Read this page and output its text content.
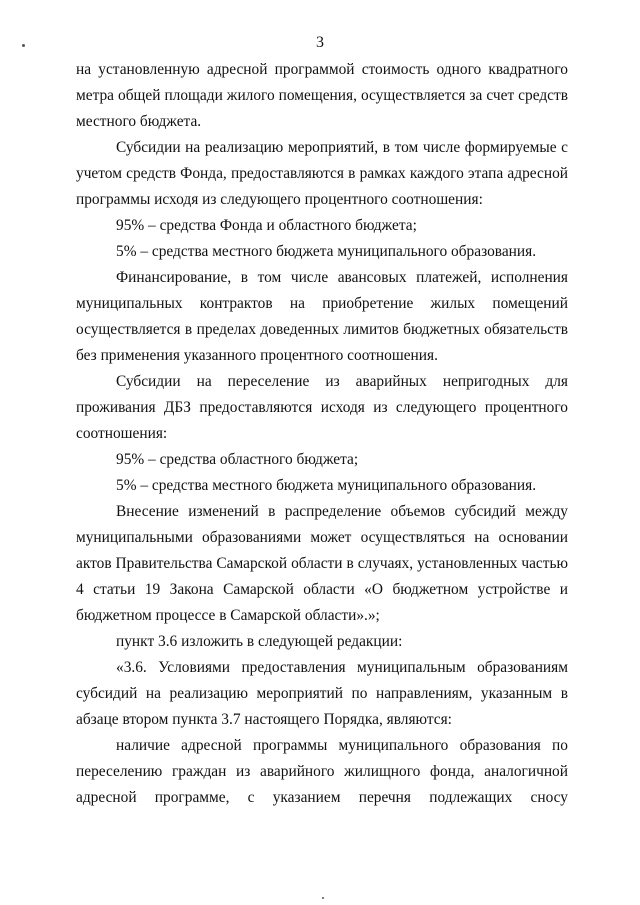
3

на установленную адресной программой стоимость одного квадратного метра общей площади жилого помещения, осуществляется за счет средств местного бюджета.

Субсидии на реализацию мероприятий, в том числе формируемые с учетом средств Фонда, предоставляются в рамках каждого этапа адресной программы исходя из следующего процентного соотношения:

95% – средства Фонда и областного бюджета;

5% – средства местного бюджета муниципального образования.

Финансирование, в том числе авансовых платежей, исполнения муниципальных контрактов на приобретение жилых помещений осуществляется в пределах доведенных лимитов бюджетных обязательств без применения указанного процентного соотношения.

Субсидии на переселение из аварийных непригодных для проживания ДБЗ предоставляются исходя из следующего процентного соотношения:

95% – средства областного бюджета;

5% – средства местного бюджета муниципального образования.

Внесение изменений в распределение объемов субсидий между муниципальными образованиями может осуществляться на основании актов Правительства Самарской области в случаях, установленных частью 4 статьи 19 Закона Самарской области «О бюджетном устройстве и бюджетном процессе в Самарской области».»;

пункт 3.6 изложить в следующей редакции:

«3.6. Условиями предоставления муниципальным образованиям субсидий на реализацию мероприятий по направлениям, указанным в абзаце втором пункта 3.7 настоящего Порядка, являются:

наличие адресной программы муниципального образования по переселению граждан из аварийного жилищного фонда, аналогичной адресной программе, с указанием перечня подлежащих сносу
